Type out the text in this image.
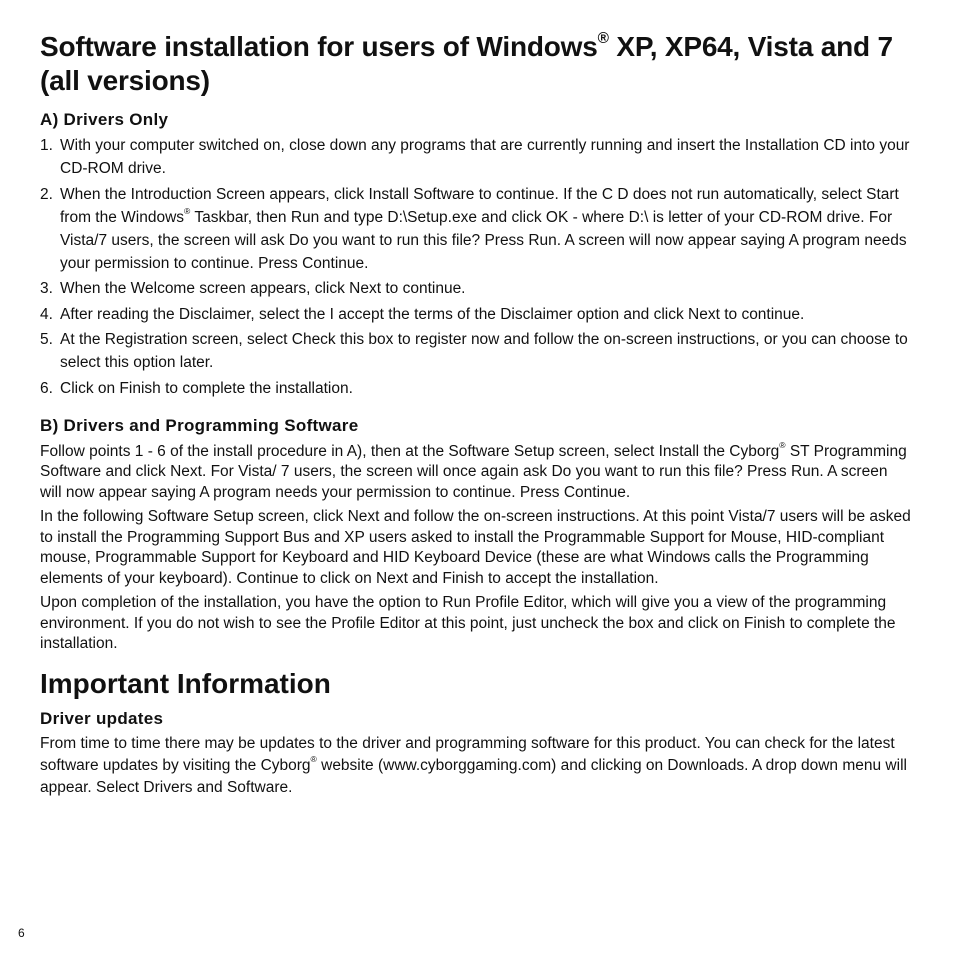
Software installation for users of Windows® XP, XP64, Vista and 7 (all versions)
A) Drivers Only
1. With your computer switched on, close down any programs that are currently running and insert the Installation CD into your CD-ROM drive.
2. When the Introduction Screen appears, click Install Software to continue. If the C D does not run automatically, select Start from the Windows® Taskbar, then Run and type D:\Setup.exe and click OK - where D:\ is letter of your CD-ROM drive. For Vista/7 users, the screen will ask Do you want to run this file? Press Run. A screen will now appear saying A program needs your permission to continue. Press Continue.
3. When the Welcome screen appears, click Next to continue.
4. After reading the Disclaimer, select the I accept the terms of the Disclaimer option and click Next to continue.
5. At the Registration screen, select Check this box to register now and follow the on-screen instructions, or you can choose to select this option later.
6. Click on Finish to complete the installation.
B) Drivers and Programming Software

Follow points 1 - 6 of the install procedure in A), then at the Software Setup screen, select Install the Cyborg® ST Programming Software and click Next. For Vista/ 7 users, the screen will once again ask Do you want to run this file? Press Run. A screen will now appear saying A program needs your permission to continue. Press Continue.

In the following Software Setup screen, click Next and follow the on-screen instructions. At this point Vista/7 users will be asked to install the Programming Support Bus and XP users asked to install the Programmable Support for Mouse, HID-compliant mouse, Programmable Support for Keyboard and HID Keyboard Device (these are what Windows calls the Programming elements of your keyboard). Continue to click on Next and Finish to accept the installation.

Upon completion of the installation, you have the option to Run Profile Editor, which will give you a view of the programming environment. If you do not wish to see the Profile Editor at this point, just uncheck the box and click on Finish to complete the installation.

Important Information
Driver updates

From time to time there may be updates to the driver and programming software for this product. You can check for the latest software updates by visiting the Cyborg® website (www.cyborggaming.com) and clicking on Downloads. A drop down menu will appear. Select Drivers and Software.

6
